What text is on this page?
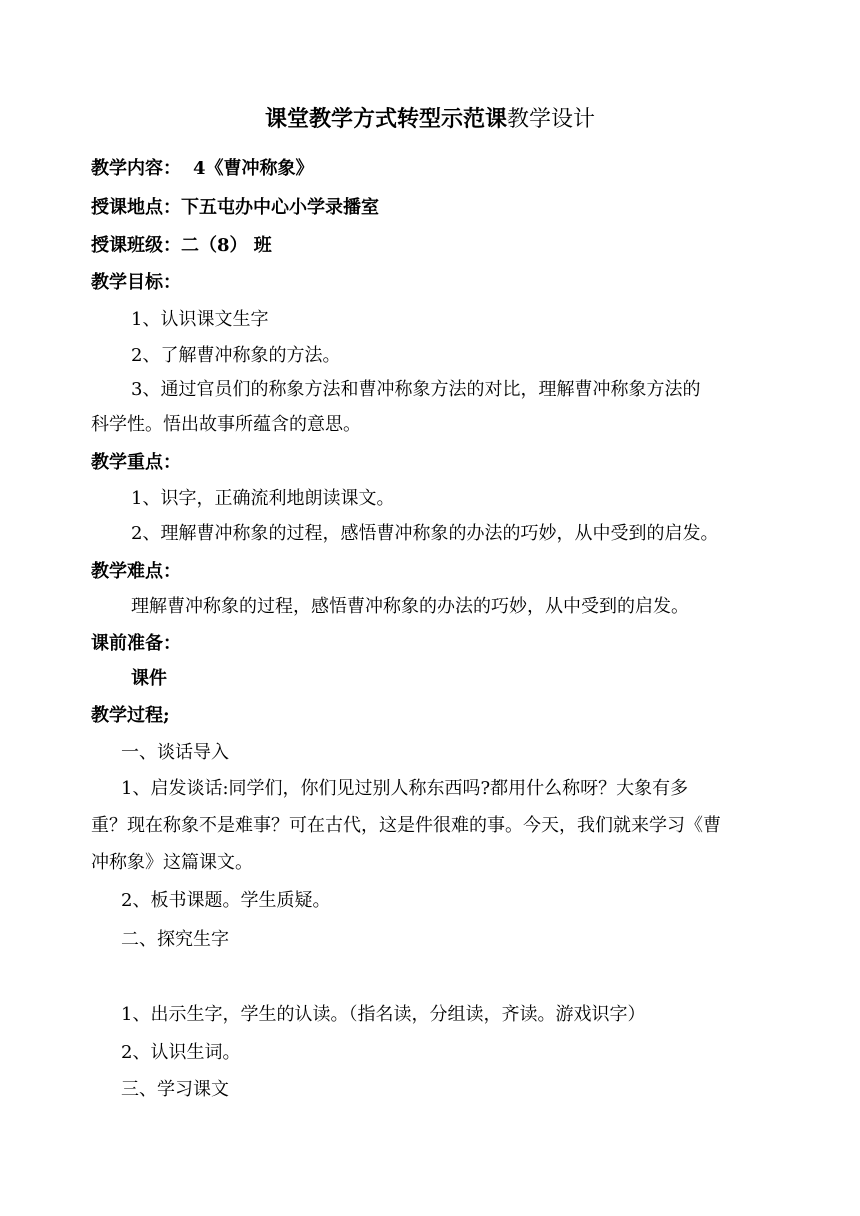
课堂教学方式转型示范课教学设计
教学内容： 4《曹冲称象》
授课地点：下五屯办中心小学录播室
授课班级：二（8） 班
教学目标：
1、认识课文生字
2、了解曹冲称象的方法。
3、通过官员们的称象方法和曹冲称象方法的对比，理解曹冲称象方法的
科学性。悟出故事所蕴含的意思。
教学重点：
1、识字，正确流利地朗读课文。
2、理解曹冲称象的过程，感悟曹冲称象的办法的巧妙，从中受到的启发。
教学难点：
理解曹冲称象的过程，感悟曹冲称象的办法的巧妙，从中受到的启发。
课前准备：
课件
教学过程;
一、谈话导入
1、启发谈话:同学们，你们见过别人称东西吗?都用什么称呀？大象有多
重？现在称象不是难事？可在古代，这是件很难的事。今天，我们就来学习《曹
冲称象》这篇课文。
2、板书课题。学生质疑。
二、探究生字
1、出示生字，学生的认读。（指名读，分组读，齐读。游戏识字）
2、认识生词。
三、学习课文
